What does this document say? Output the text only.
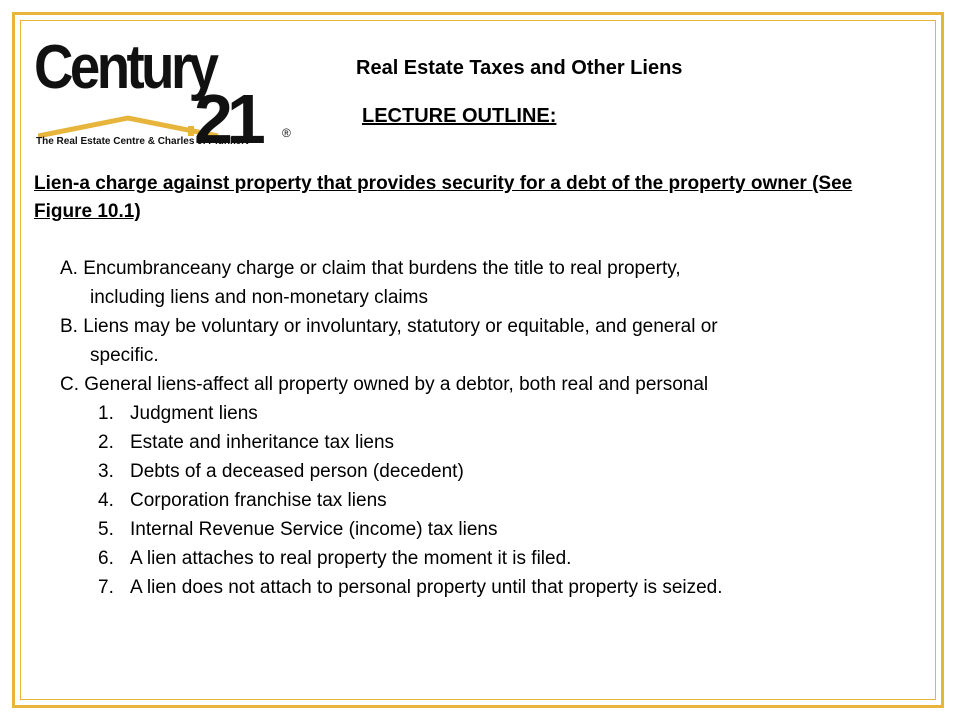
Century
21 ®
The Real Estate Centre & Charles J. Plunkert
Real Estate Taxes and Other Liens
LECTURE OUTLINE:
Lien-a charge against property that provides security for a debt of the property owner (See Figure 10.1)

A. Encumbranceany charge or claim that burdens the title to real property,
including liens and non-monetary claims

B. Liens may be voluntary or involuntary, statutory or equitable, and general or
specific.

C. General liens-affect all property owned by a debtor, both real and personal

1. Judgment liens
2. Estate and inheritance tax liens
3. Debts of a deceased person (decedent)
4. Corporation franchise tax liens
5. Internal Revenue Service (income) tax liens
6. A lien attaches to real property the moment it is filed.
7. A lien does not attach to personal property until that property is seized.
